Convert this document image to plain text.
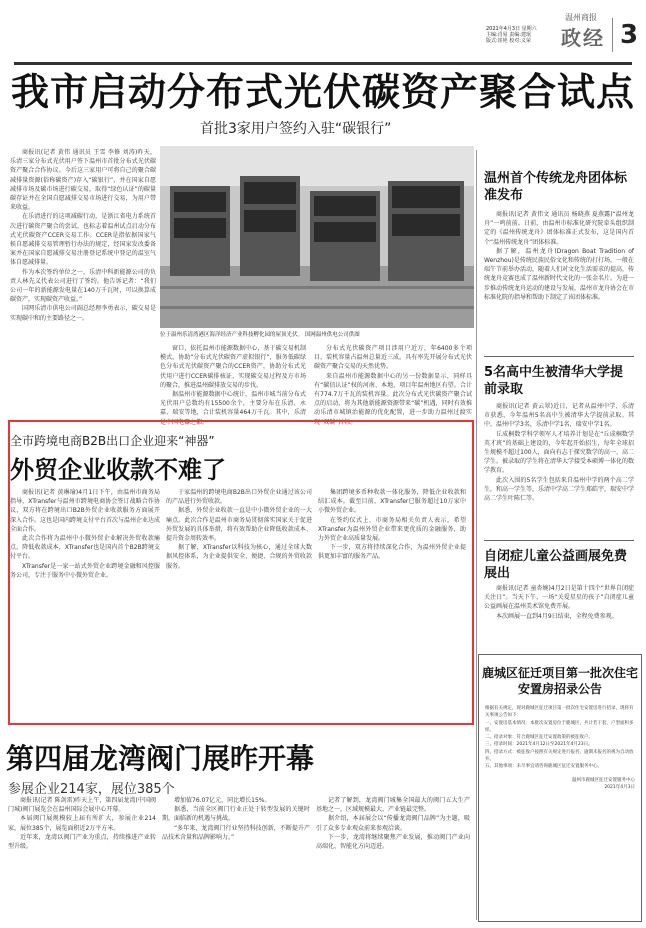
2021年4月3日 星期六
主编:肖易 责编:建珉
版式:崔艳 校对:义荣
温州商报
政经 3
我市启动分布式光伏碳资产聚合试点
首批3家用户签约入驻“碳银行”

商报讯(记者 黄伟 通讯员 王雪 李修 刘涛)昨天，乐清三家分布式光伏用户签下温州市首批分布式光伏碳资产聚合合作协议。今后这三家用户可将自己的聚合碳减排量资源(俗称碳资产)存入“碳银行”，并在国家自愿减排市场及碳市场进行碳交易，取得“绿色认证”的碳量碳存证并在全国自愿减排交易市场进行交易，为用户带来收益。

在乐清进行的这项减碳行动，是浙江省电力系统首次进行碳资产聚合的尝试，也标志着温州试点启动分布式光伏碳资产CCER交易工作。CCER是指依据国家气候自愿减排交易管理暂行办法的规定，经国家发改委备案并在国家自愿减排交易注册登记系统中登记的温室气体自愿减排量。

作为本次签约单位之一，乐清中科新能源公司的负责人林先义代表公司进行了签约。他告诉记者：“我们公司一年的新能源发电量在140万千瓦时，可以换算成碳资产，实现碳资产收益。”

国网乐清市供电公司副总经理李勇表示，碳交易是实现碳中和的主要路径之一。

位于温州乐清湾港区海洋经济产业科技孵化园的屋顶光伏。 国网温州供电公司供图

窗口，依托温州市能源数据中心，基于碳交易机制模式，协助“分布式光伏碳资产虚拟银行”，服务低碳绿色分布式光伏碳资产聚合的CCER资产，协助分布式光伏用户进行CCER碳排核证，实现碳交易过程及方市场的聚合，推进温州碳排放交易的步伐。

据温州市能源数据中心统计，温州市城当前分布式光伏用户总数约有15500余个，主要分布在乐清、永嘉、瑞安等地，合计装机容量464万千瓦。其中，乐清是中国电器之都。

分布式光伏碳资产项目涉用户近万，年6400多个项目，装机容量占温州总量近三成。具有率先开展分布式光伏碳资产聚合交易的天然优势。

来自温州市能源数据中心的另一份数据显示，同样具有“碳信认证”权的河南、本地，项目年温州地区有望。合计有774.7万千瓦的装机容量。此次分布式光伏碳资产聚合试点的启动，将为其他新能源资源带来“碳”机遇，同时有效推动乐清市城镇治能源的优化配置，进一步助力温州过渡实现“双碳”目标。

温州首个传统龙舟团体标准发布

商报讯(记者 黄伟文 通讯员 杨晓燕 夏燕露)“温州龙舟”一鸣前前。日前，由温州市标准化研究院牵头组织制定的《温州传统龙舟》团体标准正式发布，这是国内首个“温州传统龙舟”团体标准。

据了解，温州龙舟(Dragon Boat Tradition of Wenzhou)是传统民族民俗文化和传统的打打场，一般在端午节前举办活动，随着人们对文化生活需求的提高，传统龙舟竞赛也成了温州新时代文化的一张金名片。为进一步推动传统龙舟运动的建设与发展，温州市龙舟协会在市标准化院的指导和帮助下制定了该团体标准。

5名高中生被清华大学提前录取

商报讯(记者 黄云翠)近日，记者从温州中学、乐清市获悉，今年温州5名高中生被清华大学提前录取。其中，温州中学3名，乐清中学1名，瑞安中学1名。

丘成桐数学科学领军人才培养计划是在“丘成桐数学英才班”的基础上建设的，今年起开始招生，每年全球招生规模不超过100人，面向有志于探究数学的高一、高二学生。被录取的学生将在清华大学接受本硕博一体化的数学教育。

此次入围的5名学生包括来自温州中学的两个高二学生，和高一学生等，乐清中学高二学生郑皓宇，瑞安中学高二学生叶陈仁等。

自闭症儿童公益画展免费展出

商报讯(记者 童杏婉)4月2日是第十四个“世界自闭症关注日”。当天下午，一场“关爱星星的孩子”自闭症儿童公益画展在温州美术馆免费开展。

本次画展一直到4月9日结束，全程免费参观。

全市跨境电商B2B出口企业迎来“神器”
外贸企业收款不难了

商报讯(记者 黄琳瑜)4月1日下午，由温州市商务局指导，XTransfer与温州市跨境电商协会签订战略合作协议，双方将在跨境出口B2B外贸企业收款服务方面展开深入合作。这也是国内跨境支付平台首次与温州企业达成全面合作。

此次合作将为温州中小微外贸企业解决外贸收款痛点，降低收款成本，XTransfer也是国内首个B2B跨境支付平台。

XTransfer是一家一站式外贸企业跨境金融和风控服务公司，专注于服务中小微外贸企业。

于家温州的跨境电商B2B出口外贸企业通过该公司的产品进行外贸收款。

据悉，外贸企业收款一直是中小微外贸企业的一大痛点。此次合作是温州市商务局贯彻落实国家关于促进外贸发展的具体举措，将有效帮助企业降低收款成本、提升资金周转效率。

据了解，XTransfer以科技为核心，通过全球大数据风控体系，为企业提供安全、便捷、合规的外贸收款服务。

集团跨境多币种收款一体化服务，降低企业收款和结汇成本。截至目前，XTransfer已服务超过10万家中小微外贸企业。

在签约仪式上，市商务局相关负责人表示，希望XTransfer为温州外贸企业带来更优质的金融服务，助力外贸企业高质量发展。

下一步，双方将持续深化合作，为温州外贸企业提供更加丰富的服务产品。

第四届龙湾阀门展昨开幕
参展企业214家，展位385个

商报讯(记者 陈剑雷)昨天上午，第四届龙湾(中国阀门城)阀门展览会在温州国际会展中心开幕。

本届阀门展规模较上届有所扩大，参展企业214家，展位385个，展览面积近2万平方米。

近年来，龙湾以阀门产业为重点，持续推进产业转型升级。

增加值76.07亿元，同比增长15%。

据悉，当前全区阀门行业正处于转型发展的关键时期，面临新的机遇与挑战。

“多年来，龙湾阀门行业坚持科技创新，不断提升产品技术含量和品牌影响力。”

记者了解到，龙湾阀门城集全国最大的阀门五大生产基地之一，区域规模最大、产业链最完整。

据介绍，本届展会以“传播龙湾阀门品牌”为主题，吸引了众多专业观众前来参观洽谈。

下一步，龙湾将继续聚焦产业发展，推动阀门产业向高端化、智能化方向迈进。

鹿城区征迁项目第一批次住宅安置房招录公告
根据有关规定，现对鹿城区征迁项目第一批次住宅安置房进行招录，现将有关事项公告如下：
一、安置房基本情况：本批次安置房位于鹿城区，共计若干套，户型面积多样。
二、招录对象：符合鹿城区征迁安置政策的被征收户。
三、招录时间：2021年4月12日至2021年4月23日。
四、招录方式：被征收户按照有关规定进行报名，逾期未报名的视为自动放弃。
五、其他事项：未尽事宜请咨询鹿城区征迁安置服务中心。
温州市鹿城区征迁安置服务中心
2021年4月3日
